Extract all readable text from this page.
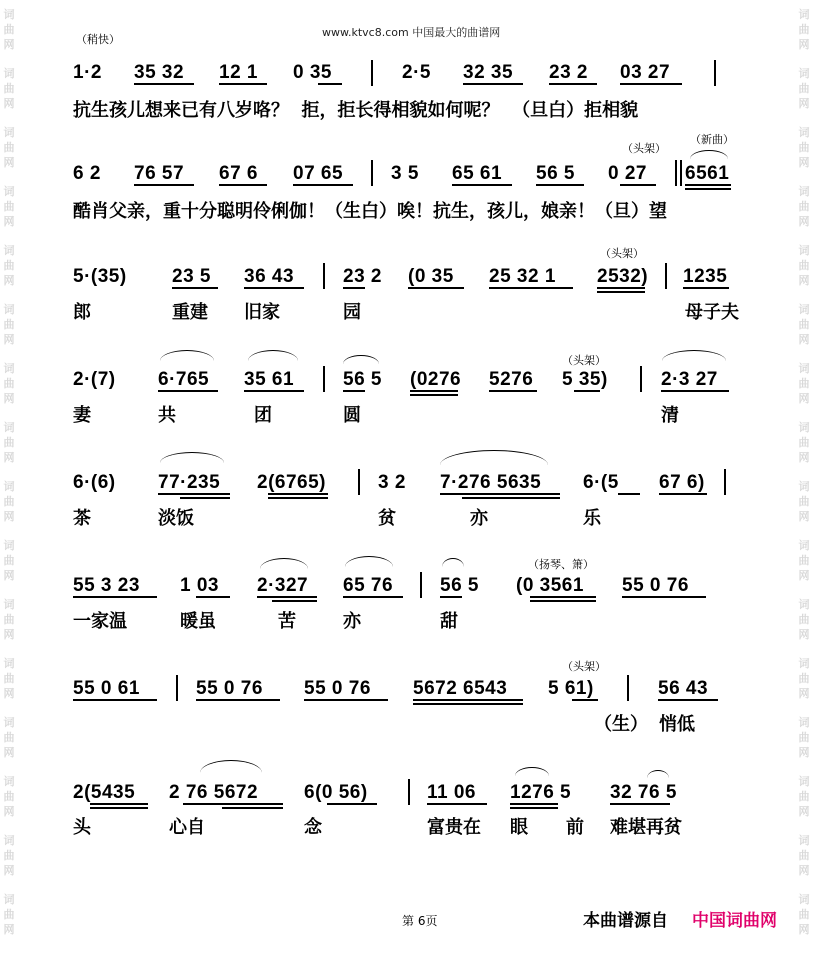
词
曲
网
词
曲
网
词
曲
网
词
曲
网
词
曲
网
词
曲
网
词
曲
网
词
曲
网
词
曲
网
词
曲
网
词
曲
网
词
曲
网
词
曲
网
词
曲
网
词
曲
网
词
曲
网
词
曲
网
词
曲
网
词
曲
网
词
曲
网
词
曲
网
词
曲
网
词
曲
网
词
曲
网
词
曲
网
词
曲
网
词
曲
网
词
曲
网
词
曲
网
词
曲
网
词
曲
网
词
曲
网
www.ktvc8.com 中国最大的曲谱网
（稍快）
1·2 35 32 12 1 0 35	2·5 32 35 23 2 03 27
抗生孩儿想来已有八岁咯？  拒，拒长得相貌如何呢？  （旦白）拒相貌
（头架）
（新曲）
6 2 76 57 67 6 07 65	3 5 65 61 56 5 0 27 6561
酷肖父亲，重十分聪明伶俐伽！（生白）唉！抗生，孩儿，娘亲！（旦）望
（头架）
5·(35) 23 5 36 43	23 2 (0 35 25 32 1 2532) 1235
郎	重建 旧家	园	母子夫
（头架）
2·(7) 6·765 35 61	56 5 (0276 5276 5 35)	2·3 27
妻	共	团	圆	清
6·(6) 77·235 2(6765)	3 2 7·276 5635 6·(5 67 6)
茶	淡饭	贫	亦	乐
（扬琴、箫）
55 3 23 1 03 2·327 65 76 56 5 (0 3561 55 0 76
一家温	暖虽	苦	亦	甜
（头架）
55 0 61	55 0 76 55 0 76 5672 6543 5 61)	56 43
（生） 悄低
2(5435 2 76 5672 6(0 56)	11 06 1276 5 32 76 5
头	心自	念	富贵在 眼 前 难堪再贫
第 6页	本曲谱源自 中国词曲网
